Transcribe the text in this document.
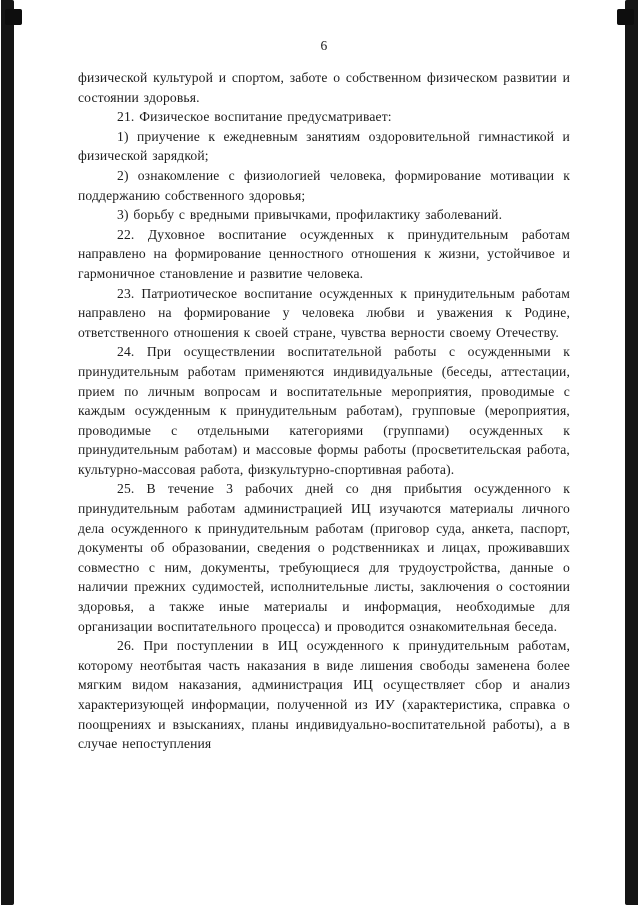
6

физической культурой и спортом, заботе о собственном физическом развитии и состоянии здоровья.

21. Физическое воспитание предусматривает:

1) приучение к ежедневным занятиям оздоровительной гимнастикой и физической зарядкой;

2) ознакомление с физиологией человека, формирование мотивации к поддержанию собственного здоровья;

3) борьбу с вредными привычками, профилактику заболеваний.

22. Духовное воспитание осужденных к принудительным работам направлено на формирование ценностного отношения к жизни, устойчивое и гармоничное становление и развитие человека.

23. Патриотическое воспитание осужденных к принудительным работам направлено на формирование у человека любви и уважения к Родине, ответственного отношения к своей стране, чувства верности своему Отечеству.

24. При осуществлении воспитательной работы с осужденными к принудительным работам применяются индивидуальные (беседы, аттестации, прием по личным вопросам и воспитательные мероприятия, проводимые с каждым осужденным к принудительным работам), групповые (мероприятия, проводимые с отдельными категориями (группами) осужденных к принудительным работам) и массовые формы работы (просветительская работа, культурно-массовая работа, физкультурно-спортивная работа).

25. В течение 3 рабочих дней со дня прибытия осужденного к принудительным работам администрацией ИЦ изучаются материалы личного дела осужденного к принудительным работам (приговор суда, анкета, паспорт, документы об образовании, сведения о родственниках и лицах, проживавших совместно с ним, документы, требующиеся для трудоустройства, данные о наличии прежних судимостей, исполнительные листы, заключения о состоянии здоровья, а также иные материалы и информация, необходимые для организации воспитательного процесса) и проводится ознакомительная беседа.

26. При поступлении в ИЦ осужденного к принудительным работам, которому неотбытая часть наказания в виде лишения свободы заменена более мягким видом наказания, администрация ИЦ осуществляет сбор и анализ характеризующей информации, полученной из ИУ (характеристика, справка о поощрениях и взысканиях, планы индивидуально-воспитательной работы), а в случае непоступления
